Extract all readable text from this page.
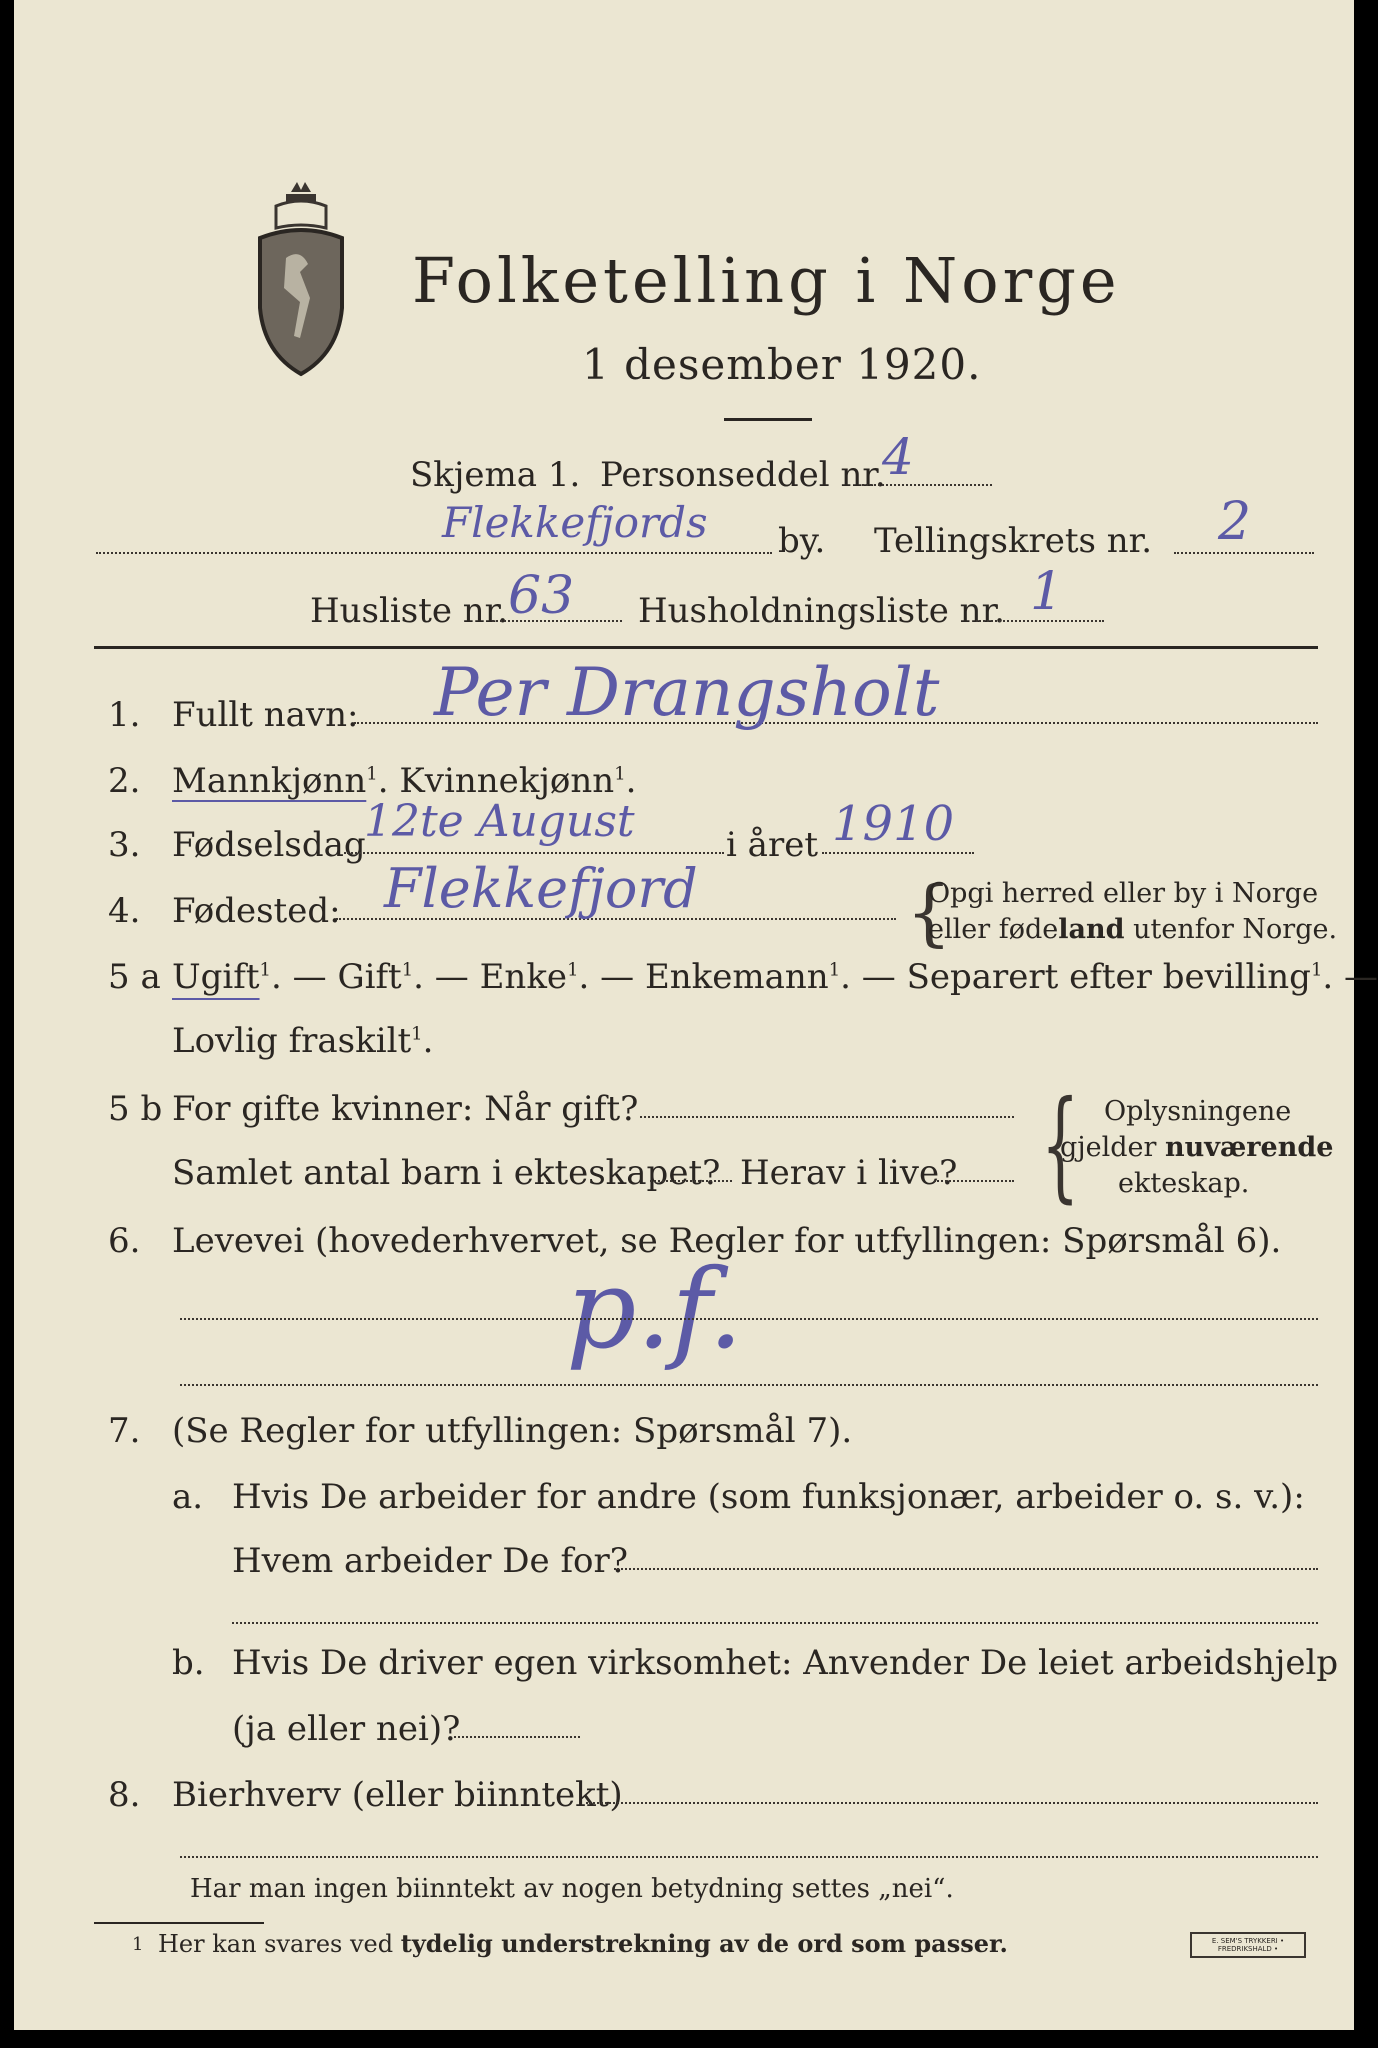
Folketelling i Norge
1 desember 1920.
Skjema 1. Personseddel nr.
4
Flekkefjords by. Tellingskrets nr. 2
Husliste nr. 63 Husholdningsliste nr. 1
1. Fullt navn: Per Drangsholt
2. Mannkjønn$^1$. Kvinnekjønn$^1$.
3. Fødselsdag
12te August	i året 1910
4. Fødested: Flekkefjord	{
Opgi herred eller by i Norge
eller fødeland utenfor Norge.
5 a Ugift$^1$. — Gift$^1$. — Enke$^1$. — Enkemann$^1$. — Separert efter bevilling$^1$. —
Lovlig fraskilt$^1$.
5 b For gifte kvinner: Når gift?
Samlet antal barn i ekteskapet? Herav i live? { Oplysningene
gjelder nuværende
ekteskap.
6. Levevei (hovederhvervet, se Regler for utfyllingen: Spørsmål 6).
p.f.
7. (Se Regler for utfyllingen: Spørsmål 7).
a. Hvis De arbeider for andre (som funksjonær, arbeider o. s. v.):
Hvem arbeider De for?
b. Hvis De driver egen virksomhet: Anvender De leiet arbeidshjelp
(ja eller nei)?
8. Bierhverv (eller biinntekt)
Har man ingen biinntekt av nogen betydning settes „nei“.
1 Her kan svares ved tydelig understrekning av de ord som passer.	E. SEM'S TRYKKERI • FREDRIKSHALD •
